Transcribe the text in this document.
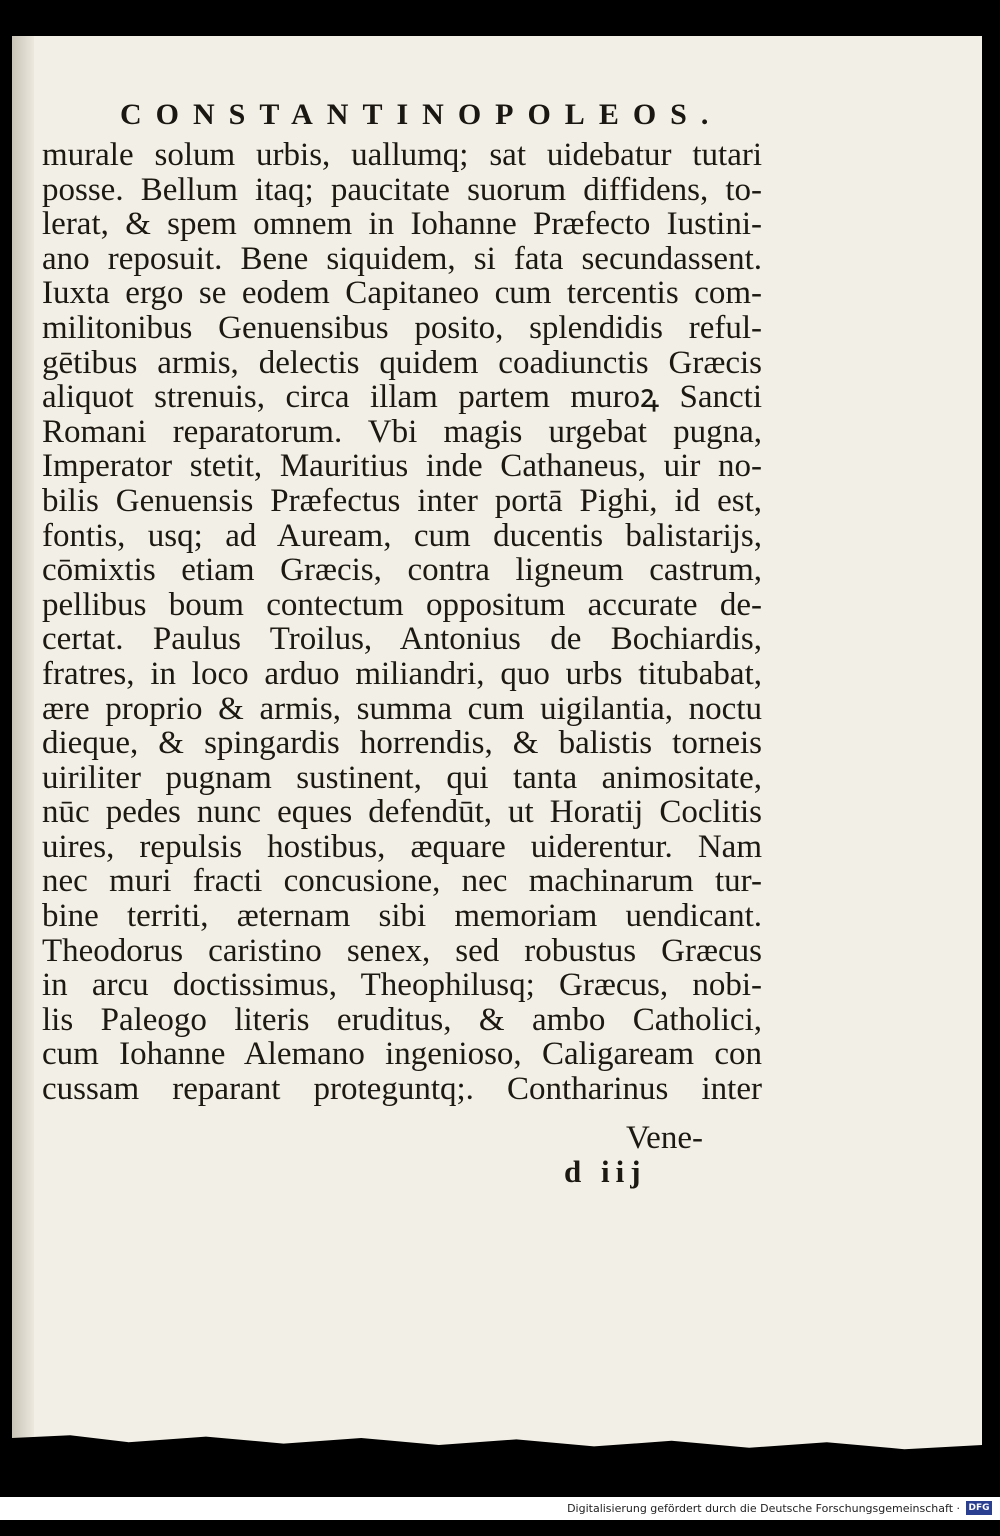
CONSTANTINOPOLEOS.
murale solum urbis, uallumq; sat uidebatur tutari
posse. Bellum itaq; paucitate suorum diffidens, to-
lerat, & spem omnem in Iohanne Præfecto Iustini-
ano reposuit. Bene siquidem, si fata secundassent.
Iuxta ergo se eodem Capitaneo cum tercentis com-
militonibus Genuensibus posito, splendidis reful-
gētibus armis, delectis quidem coadiunctis Græcis
aliquot strenuis, circa illam partem muroꝝ Sancti
Romani reparatorum. Vbi magis urgebat pugna,
Imperator stetit, Mauritius inde Cathaneus, uir no-
bilis Genuensis Præfectus inter portā Pighi, id est,
fontis, usq; ad Auream, cum ducentis balistarijs,
cōmixtis etiam Græcis, contra ligneum castrum,
pellibus boum contectum oppositum accurate de-
certat. Paulus Troilus, Antonius de Bochiardis,
fratres, in loco arduo miliandri, quo urbs titubabat,
ære proprio & armis, summa cum uigilantia, noctu
dieque, & spingardis horrendis, & balistis torneis
uiriliter pugnam sustinent, qui tanta animositate,
nūc pedes nunc eques defendūt, ut Horatij Coclitis
uires, repulsis hostibus, æquare uiderentur. Nam
nec muri fracti concusione, nec machinarum tur-
bine territi, æternam sibi memoriam uendicant.
Theodorus caristino senex, sed robustus Græcus
in arcu doctissimus, Theophilusq; Græcus, nobi-
lis Paleogo literis eruditus, & ambo Catholici,
cum Iohanne Alemano ingenioso, Caligaream con
cussam reparant proteguntq;. Contharinus inter
Vene-
d iij
Digitalisierung gefördert durch die Deutsche Forschungsgemeinschaft · DFG
